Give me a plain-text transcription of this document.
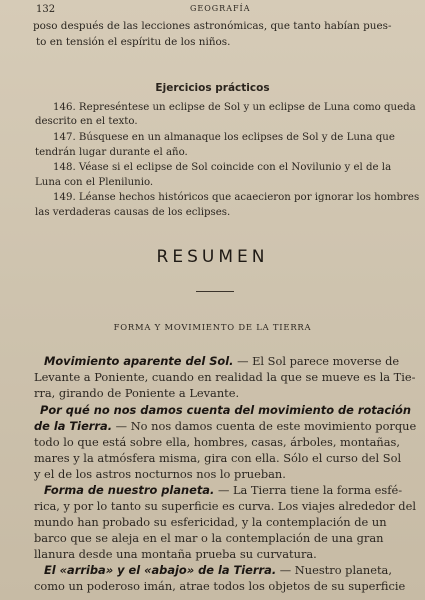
132	GEOGRAFÍA
poso después de las lecciones astronómicas, que tanto habían pues-
to en tensión el espíritu de los niños.
Ejercicios prácticos
146. Represéntese un eclipse de Sol y un eclipse de Luna como queda
descrito en el texto.
147. Búsquese en un almanaque los eclipses de Sol y de Luna que
tendrán lugar durante el año.
148. Véase si el eclipse de Sol coincide con el Novilunio y el de la
Luna con el Plenilunio.
149. Léanse hechos históricos que acaecieron por ignorar los hombres
las verdaderas causas de los eclipses.
RESUMEN
FORMA Y MOVIMIENTO DE LA TIERRA
Movimiento aparente del Sol. — El Sol parece moverse de
Levante a Poniente, cuando en realidad la que se mueve es la Tie-
rra, girando de Poniente a Levante.
Por qué no nos damos cuenta del movimiento de rotación
de la Tierra. — No nos damos cuenta de este movimiento porque
todo lo que está sobre ella, hombres, casas, árboles, montañas,
mares y la atmósfera misma, gira con ella. Sólo el curso del Sol
y el de los astros nocturnos nos lo prueban.
Forma de nuestro planeta. — La Tierra tiene la forma esfé-
rica, y por lo tanto su superficie es curva. Los viajes alrededor del
mundo han probado su esfericidad, y la contemplación de un
barco que se aleja en el mar o la contemplación de una gran
llanura desde una montaña prueba su curvatura.
El «arriba» y el «abajo» de la Tierra. — Nuestro planeta,
como un poderoso imán, atrae todos los objetos de su superficie
